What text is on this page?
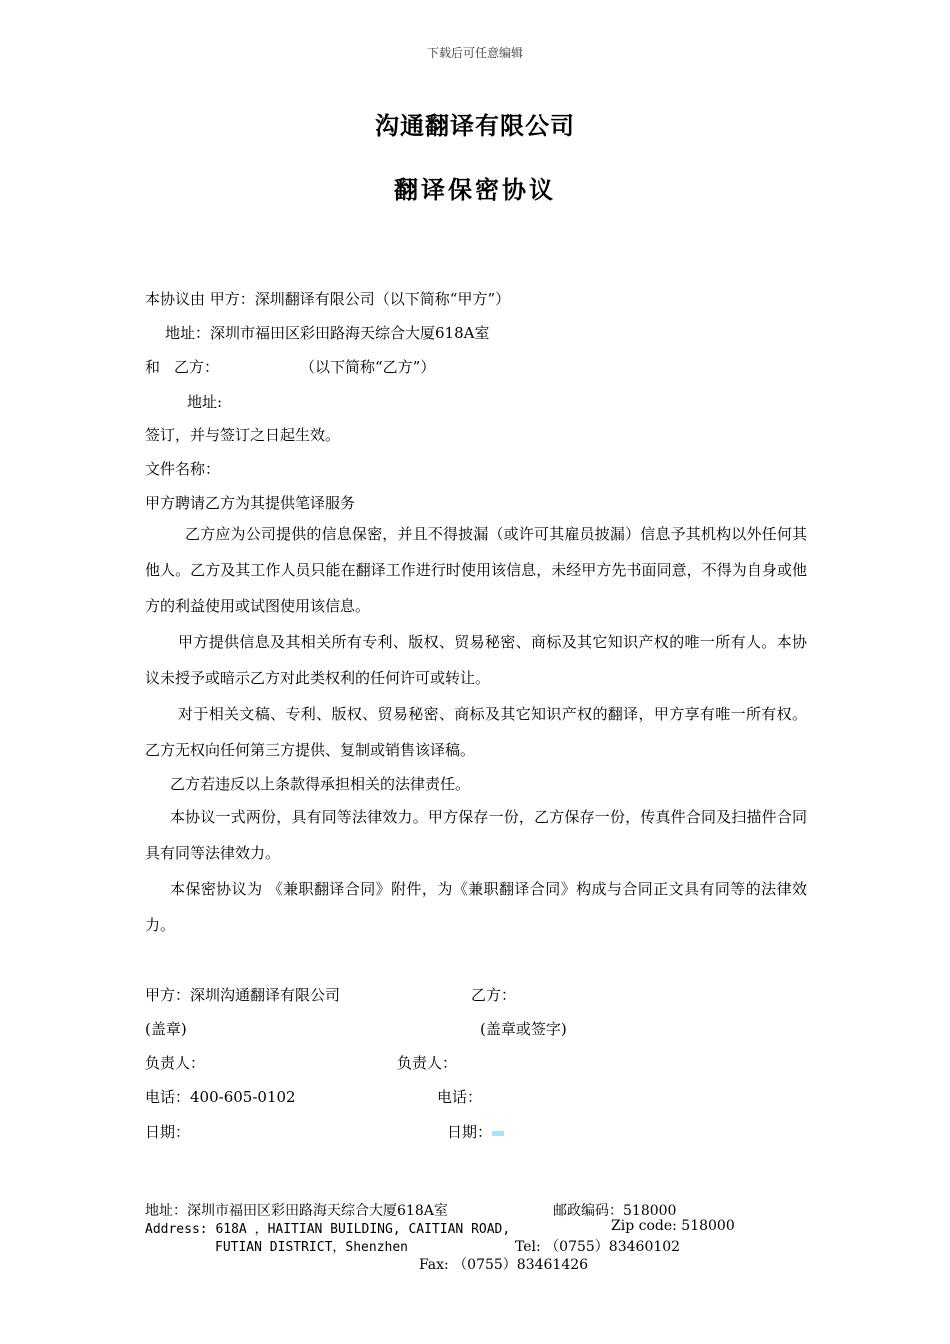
下载后可任意编辑
沟通翻译有限公司
翻译保密协议
本协议由 甲方：深圳翻译有限公司（以下简称“甲方”）
地址：深圳市福田区彩田路海天综合大厦618A室
和 乙方：	（以下简称“乙方”）
地址:
签订，并与签订之日起生效。
文件名称：
甲方聘请乙方为其提供笔译服务
乙方应为公司提供的信息保密，并且不得披漏（或许可其雇员披漏）信息予其机构以外任何其他人。乙方及其工作人员只能在翻译工作进行时使用该信息，未经甲方先书面同意，不得为自身或他方的利益使用或试图使用该信息。
甲方提供信息及其相关所有专利、版权、贸易秘密、商标及其它知识产权的唯一所有人。本协议未授予或暗示乙方对此类权利的任何许可或转让。
对于相关文稿、专利、版权、贸易秘密、商标及其它知识产权的翻译，甲方享有唯一所有权。乙方无权向任何第三方提供、复制或销售该译稿。
乙方若违反以上条款得承担相关的法律责任。
本协议一式两份，具有同等法律效力。甲方保存一份，乙方保存一份，传真件合同及扫描件合同具有同等法律效力。
本保密协议为 《兼职翻译合同》附件，为《兼职翻译合同》构成与合同正文具有同等的法律效力。
甲方：深圳沟通翻译有限公司	乙方：
(盖章)	(盖章或签字)
负责人：	负责人：
电话：400-605-0102	电话：
日期：	日期：
地址：深圳市福田区彩田路海天综合大厦618A室	邮政编码：518000
Address: 618A ，HAITIAN BUILDING, CAITIAN ROAD,	Zip code: 518000
FUTIAN DISTRICT，Shenzhen	Tel: （0755）83460102
Fax: （0755）83461426
